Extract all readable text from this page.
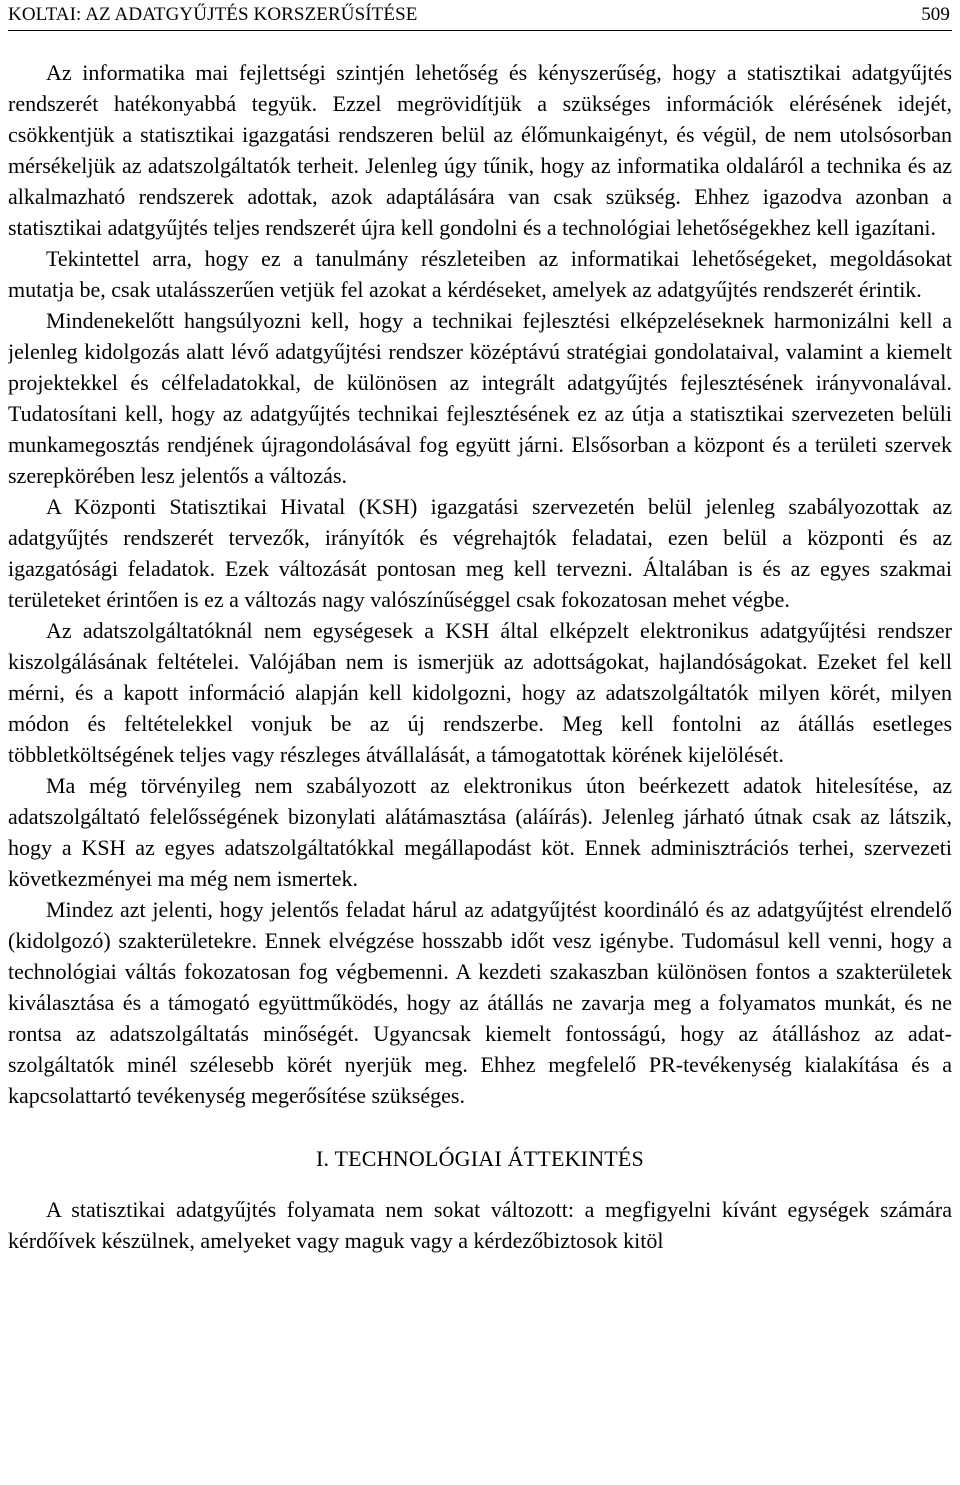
KOLTAI: AZ ADATGYŰJTÉS KORSZERŰSÍTÉSE	509

Az informatika mai fejlettségi szintjén lehetőség és kényszerűség, hogy a statisztikai adatgyűjtés rendszerét hatékonyabbá tegyük. Ezzel megrövidítjük a szükséges információk elérésének idejét, csökkentjük a statisztikai igazgatási rendszeren belül az élőmunkaigényt, és végül, de nem utolsósorban mérsékeljük az adatszolgáltatók terheit. Jelenleg úgy tűnik, hogy az informatika oldaláról a technika és az alkalmazható rendszerek adottak, azok adaptálására van csak szükség. Ehhez igazodva azonban a statisztikai adatgyűjtés teljes rendszerét újra kell gondolni és a technológiai lehetőségekhez kell igazítani.

Tekintettel arra, hogy ez a tanulmány részleteiben az informatikai lehetőségeket, megoldásokat mutatja be, csak utalásszerűen vetjük fel azokat a kérdéseket, amelyek az adatgyűjtés rendszerét érintik.

Mindenekelőtt hangsúlyozni kell, hogy a technikai fejlesztési elképzeléseknek harmonizálni kell a jelenleg kidolgozás alatt lévő adatgyűjtési rendszer középtávú stratégiai gondolataival, valamint a kiemelt projektekkel és célfeladatokkal, de különösen az integrált adatgyűjtés fejlesztésének irányvonalával. Tudatosítani kell, hogy az adatgyűjtés technikai fejlesztésének ez az útja a statisztikai szervezeten belüli munkamegosztás rendjének újragondolásával fog együtt járni. Elsősorban a központ és a területi szervek szerepkörében lesz jelentős a változás.

A Központi Statisztikai Hivatal (KSH) igazgatási szervezetén belül jelenleg szabályozottak az adatgyűjtés rendszerét tervezők, irányítók és végrehajtók feladatai, ezen belül a központi és az igazgatósági feladatok. Ezek változását pontosan meg kell tervezni. Általában is és az egyes szakmai területeket érintően is ez a változás nagy valószínűséggel csak fokozatosan mehet végbe.

Az adatszolgáltatóknál nem egységesek a KSH által elképzelt elektronikus adatgyűjtési rendszer kiszolgálásának feltételei. Valójában nem is ismerjük az adottságokat, hajlandóságokat. Ezeket fel kell mérni, és a kapott információ alapján kell kidolgozni, hogy az adatszolgáltatók milyen körét, milyen módon és feltételekkel vonjuk be az új rendszerbe. Meg kell fontolni az átállás esetleges többletköltségének teljes vagy részleges átvállalását, a támogatottak körének kijelölését.

Ma még törvényileg nem szabályozott az elektronikus úton beérkezett adatok hitelesítése, az adatszolgáltató felelősségének bizonylati alátámasztása (aláírás). Jelenleg járható útnak csak az látszik, hogy a KSH az egyes adatszolgáltatókkal megállapodást köt. Ennek adminisztrációs terhei, szervezeti következményei ma még nem ismertek.

Mindez azt jelenti, hogy jelentős feladat hárul az adatgyűjtést koordináló és az adatgyűjtést elrendelő (kidolgozó) szakterületekre. Ennek elvégzése hosszabb időt vesz igénybe. Tudomásul kell venni, hogy a technológiai váltás fokozatosan fog végbemenni. A kezdeti szakaszban különösen fontos a szakterületek kiválasztása és a támogató együttműködés, hogy az átállás ne zavarja meg a folyamatos munkát, és ne rontsa az adatszolgáltatás minőségét. Ugyancsak kiemelt fontosságú, hogy az átálláshoz az adatszolgáltatók minél szélesebb körét nyerjük meg. Ehhez megfelelő PR-tevékenység kialakítása és a kapcsolattartó tevékenység megerősítése szükséges.

I. TECHNOLÓGIAI ÁTTEKINTÉS

A statisztikai adatgyűjtés folyamata nem sokat változott: a megfigyelni kívánt egységek számára kérdőívek készülnek, amelyeket vagy maguk vagy a kérdezőbiztosok kitöl
